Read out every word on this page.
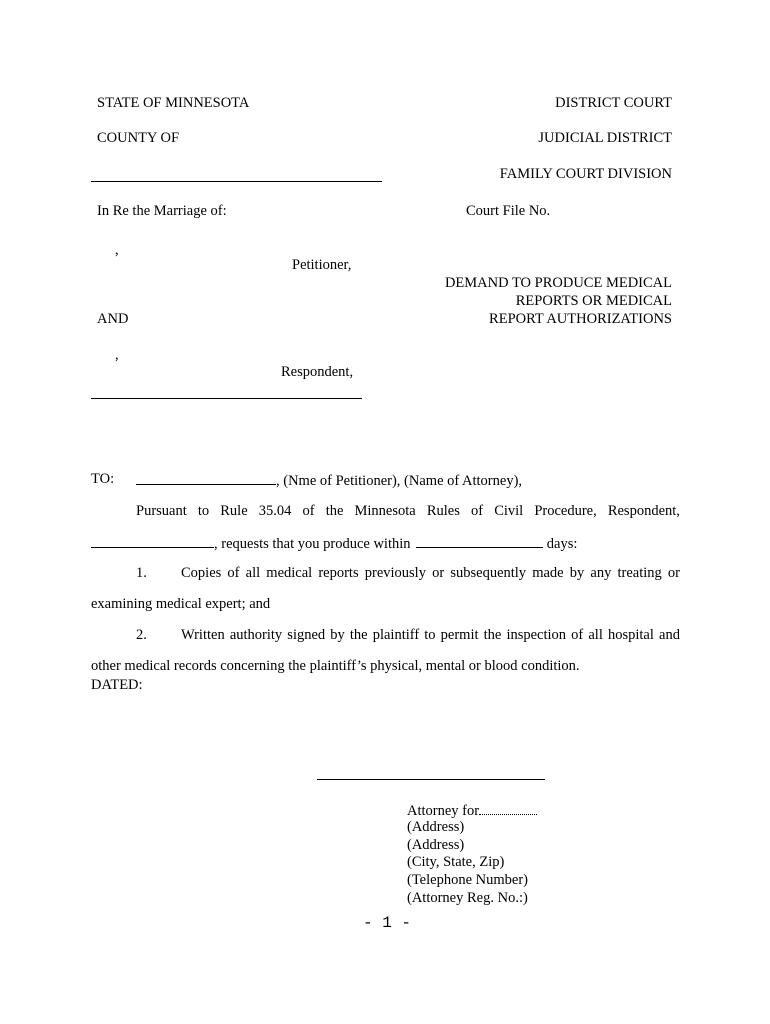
STATE OF MINNESOTA	DISTRICT COURT
COUNTY OF	JUDICIAL DISTRICT
FAMILY COURT DIVISION
In Re the Marriage of:	Court File No.
,
Petitioner,
DEMAND TO PRODUCE MEDICAL
REPORTS OR MEDICAL
REPORT AUTHORIZATIONS
AND
,
Respondent,
TO:	, (Nme of Petitioner), (Name of Attorney),
Pursuant to Rule 35.04 of the Minnesota Rules of Civil Procedure, Respondent,
, requests that you produce within	days:
1. Copies of all medical reports previously or subsequently made by any treating or
examining medical expert; and
2. Written authority signed by the plaintiff to permit the inspection of all hospital and
other medical records concerning the plaintiff’s physical, mental or blood condition.
DATED:
Attorney for
(Address)
(Address)
(City, State, Zip)
(Telephone Number)
(Attorney Reg. No.:)
- 1 -
